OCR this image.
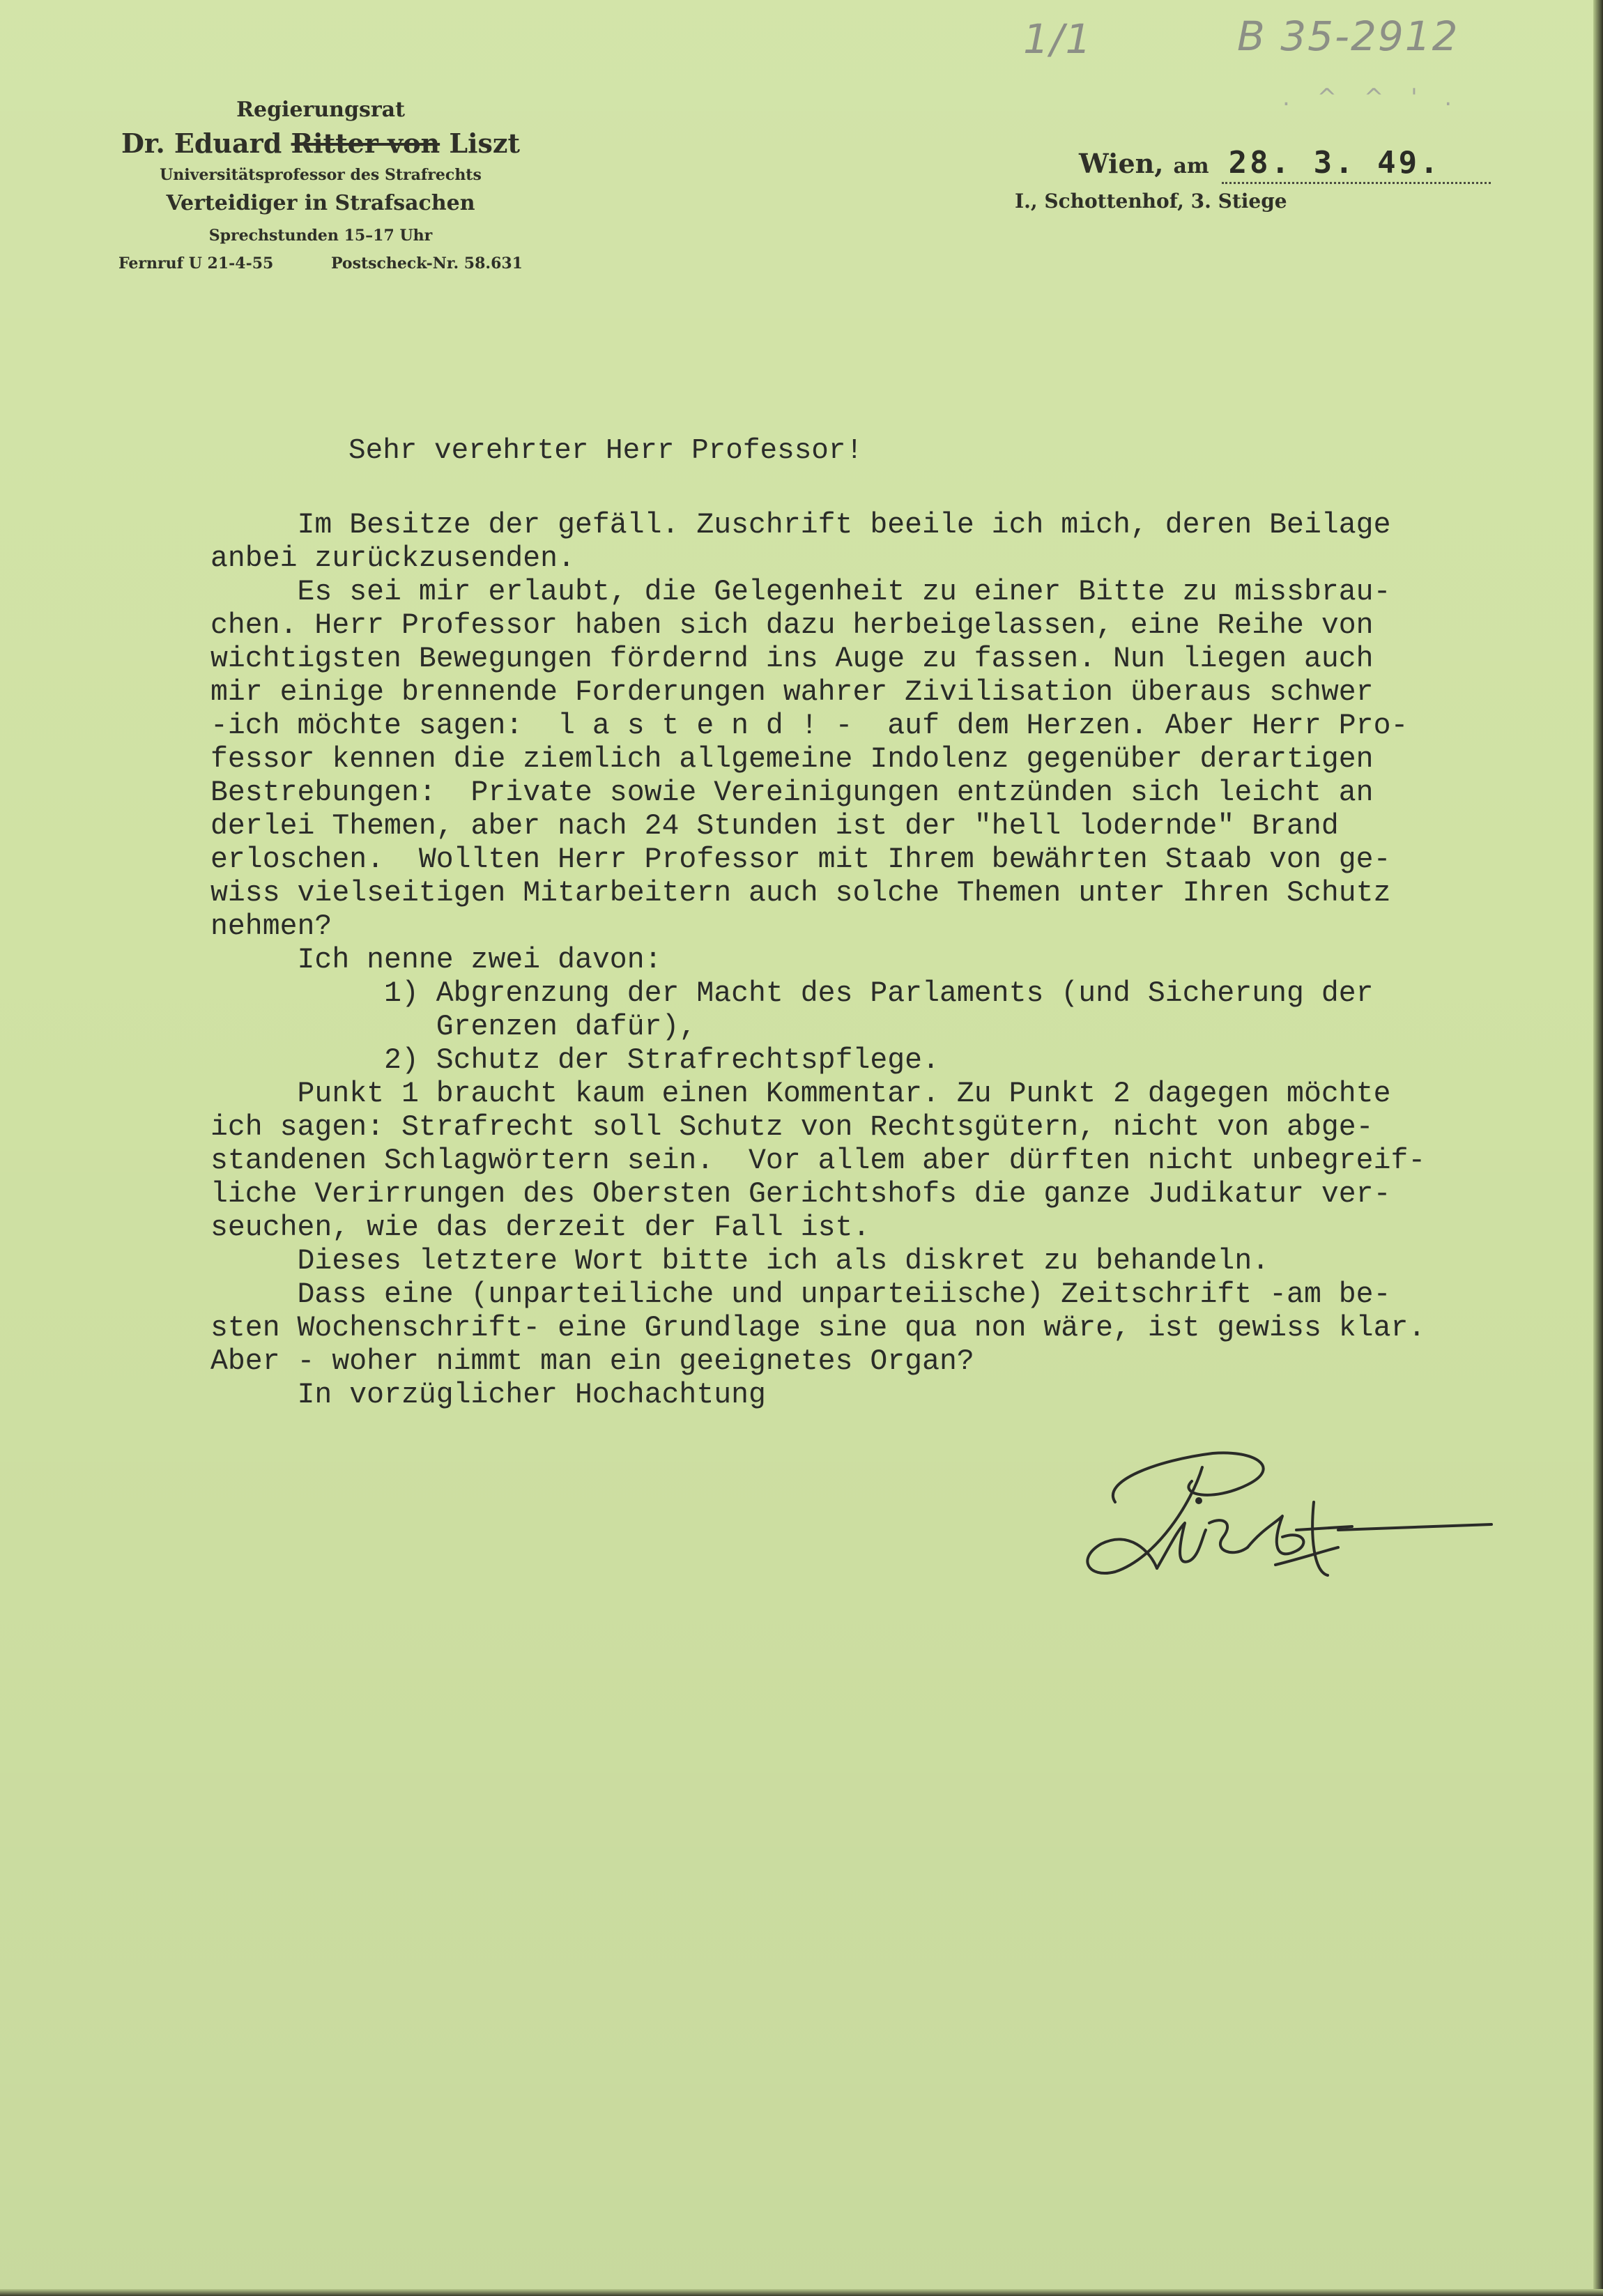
1/1	B 35-2912
. ^ ^ ' .
Regierungsrat
Dr. Eduard Ritter von Liszt
Universitätsprofessor des Strafrechts
Verteidiger in Strafsachen
Sprechstunden 15–17 Uhr
Fernruf U 21-4-55	Postscheck-Nr. 58.631
Wien, am 28. 3. 49.
I., Schottenhof, 3. Stiege
Sehr verehrter Herr Professor!
Im Besitze der gefäll. Zuschrift beeile ich mich, deren Beilage
anbei zurückzusenden.
Es sei mir erlaubt, die Gelegenheit zu einer Bitte zu missbrau-
chen. Herr Professor haben sich dazu herbeigelassen, eine Reihe von
wichtigsten Bewegungen fördernd ins Auge zu fassen. Nun liegen auch
mir einige brennende Forderungen wahrer Zivilisation überaus schwer
-ich möchte sagen:  l a s t e n d ! -  auf dem Herzen. Aber Herr Pro-
fessor kennen die ziemlich allgemeine Indolenz gegenüber derartigen
Bestrebungen:  Private sowie Vereinigungen entzünden sich leicht an
derlei Themen, aber nach 24 Stunden ist der "hell lodernde" Brand
erloschen.  Wollten Herr Professor mit Ihrem bewährten Staab von ge-
wiss vielseitigen Mitarbeitern auch solche Themen unter Ihren Schutz
nehmen?
Ich nenne zwei davon:
1) Abgrenzung der Macht des Parlaments (und Sicherung der
Grenzen dafür),
2) Schutz der Strafrechtspflege.
Punkt 1 braucht kaum einen Kommentar. Zu Punkt 2 dagegen möchte
ich sagen: Strafrecht soll Schutz von Rechtsgütern, nicht von abge-
standenen Schlagwörtern sein.  Vor allem aber dürften nicht unbegreif-
liche Verirrungen des Obersten Gerichtshofs die ganze Judikatur ver-
seuchen, wie das derzeit der Fall ist.
Dieses letztere Wort bitte ich als diskret zu behandeln.
Dass eine (unparteiliche und unparteiische) Zeitschrift -am be-
sten Wochenschrift- eine Grundlage sine qua non wäre, ist gewiss klar.
Aber - woher nimmt man ein geeignetes Organ?
In vorzüglicher Hochachtung
